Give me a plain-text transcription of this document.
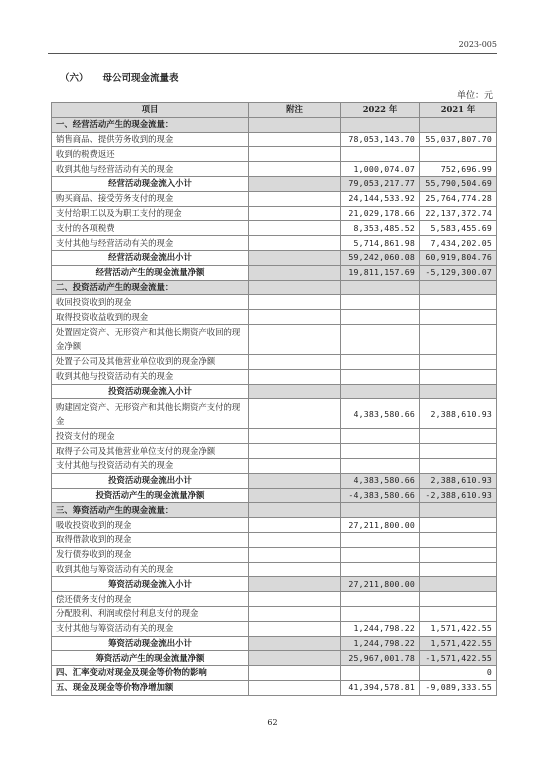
2023-005
（六） 母公司现金流量表
单位：元
项目	附注	2022 年	2021 年
一、经营活动产生的现金流量：			
销售商品、提供劳务收到的现金		78,053,143.70	55,037,807.70
收到的税费返还			
收到其他与经营活动有关的现金		1,000,074.07	752,696.99
经营活动现金流入小计		79,053,217.77	55,790,504.69
购买商品、接受劳务支付的现金		24,144,533.92	25,764,774.28
支付给职工以及为职工支付的现金		21,029,178.66	22,137,372.74
支付的各项税费		8,353,485.52	5,583,455.69
支付其他与经营活动有关的现金		5,714,861.98	7,434,202.05
经营活动现金流出小计		59,242,060.08	60,919,804.76
经营活动产生的现金流量净额		19,811,157.69	-5,129,300.07
二、投资活动产生的现金流量：			
收回投资收到的现金			
取得投资收益收到的现金			
处置固定资产、无形资产和其他长期资产收回的现金净额			
处置子公司及其他营业单位收到的现金净额			
收到其他与投资活动有关的现金			
投资活动现金流入小计			
购建固定资产、无形资产和其他长期资产支付的现金		4,383,580.66	2,388,610.93
投资支付的现金			
取得子公司及其他营业单位支付的现金净额			
支付其他与投资活动有关的现金			
投资活动现金流出小计		4,383,580.66	2,388,610.93
投资活动产生的现金流量净额		-4,383,580.66	-2,388,610.93
三、筹资活动产生的现金流量：			
吸收投资收到的现金		27,211,800.00	
取得借款收到的现金			
发行债券收到的现金			
收到其他与筹资活动有关的现金			
筹资活动现金流入小计		27,211,800.00	
偿还债务支付的现金			
分配股利、利润或偿付利息支付的现金			
支付其他与筹资活动有关的现金		1,244,798.22	1,571,422.55
筹资活动现金流出小计		1,244,798.22	1,571,422.55
筹资活动产生的现金流量净额		25,967,001.78	-1,571,422.55
四、汇率变动对现金及现金等价物的影响			0
五、现金及现金等价物净增加额		41,394,578.81	-9,089,333.55
62
